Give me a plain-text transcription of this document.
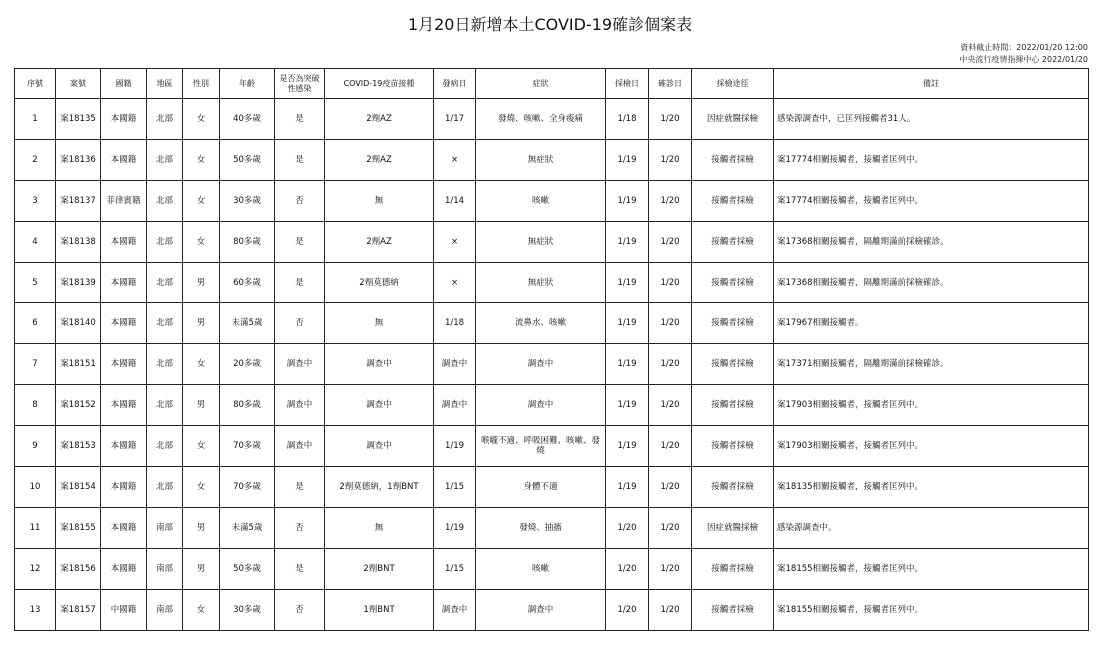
1月20日新增本土COVID-19確診個案表
資料截止時間：2022/01/20 12:00
中央流行疫情指揮中心 2022/01/20
序號	案號	國籍	地區	性別	年齡	是否為突破性感染	COVID-19疫苗接種	發病日	症狀	採檢日	確診日	採檢途徑	備註
1	案18135	本國籍	北部	女	40多歲	是	2劑AZ	1/17	發燒、咳嗽、全身痠痛	1/18	1/20	因症就醫採檢	感染源調查中，已匡列接觸者31人。
2	案18136	本國籍	北部	女	50多歲	是	2劑AZ	×	無症狀	1/19	1/20	接觸者採檢	案17774相關接觸者，接觸者匡列中。
3	案18137	菲律賓籍	北部	女	30多歲	否	無	1/14	咳嗽	1/19	1/20	接觸者採檢	案17774相關接觸者，接觸者匡列中。
4	案18138	本國籍	北部	女	80多歲	是	2劑AZ	×	無症狀	1/19	1/20	接觸者採檢	案17368相關接觸者，隔離期滿前採檢確診。
5	案18139	本國籍	北部	男	60多歲	是	2劑莫德納	×	無症狀	1/19	1/20	接觸者採檢	案17368相關接觸者，隔離期滿前採檢確診。
6	案18140	本國籍	北部	男	未滿5歲	否	無	1/18	流鼻水、咳嗽	1/19	1/20	接觸者採檢	案17967相關接觸者。
7	案18151	本國籍	北部	女	20多歲	調查中	調查中	調查中	調查中	1/19	1/20	接觸者採檢	案17371相關接觸者，隔離期滿前採檢確診。
8	案18152	本國籍	北部	男	80多歲	調查中	調查中	調查中	調查中	1/19	1/20	接觸者採檢	案17903相關接觸者，接觸者匡列中。
9	案18153	本國籍	北部	女	70多歲	調查中	調查中	1/19	喉嚨不適、呼吸困難、咳嗽、發燒	1/19	1/20	接觸者採檢	案17903相關接觸者，接觸者匡列中。
10	案18154	本國籍	北部	女	70多歲	是	2劑莫德納，1劑BNT	1/15	身體不適	1/19	1/20	接觸者採檢	案18135相關接觸者，接觸者匡列中。
11	案18155	本國籍	南部	男	未滿5歲	否	無	1/19	發燒、抽搐	1/20	1/20	因症就醫採檢	感染源調查中。
12	案18156	本國籍	南部	男	50多歲	是	2劑BNT	1/15	咳嗽	1/20	1/20	接觸者採檢	案18155相關接觸者，接觸者匡列中。
13	案18157	中國籍	南部	女	30多歲	否	1劑BNT	調查中	調查中	1/20	1/20	接觸者採檢	案18155相關接觸者，接觸者匡列中。
